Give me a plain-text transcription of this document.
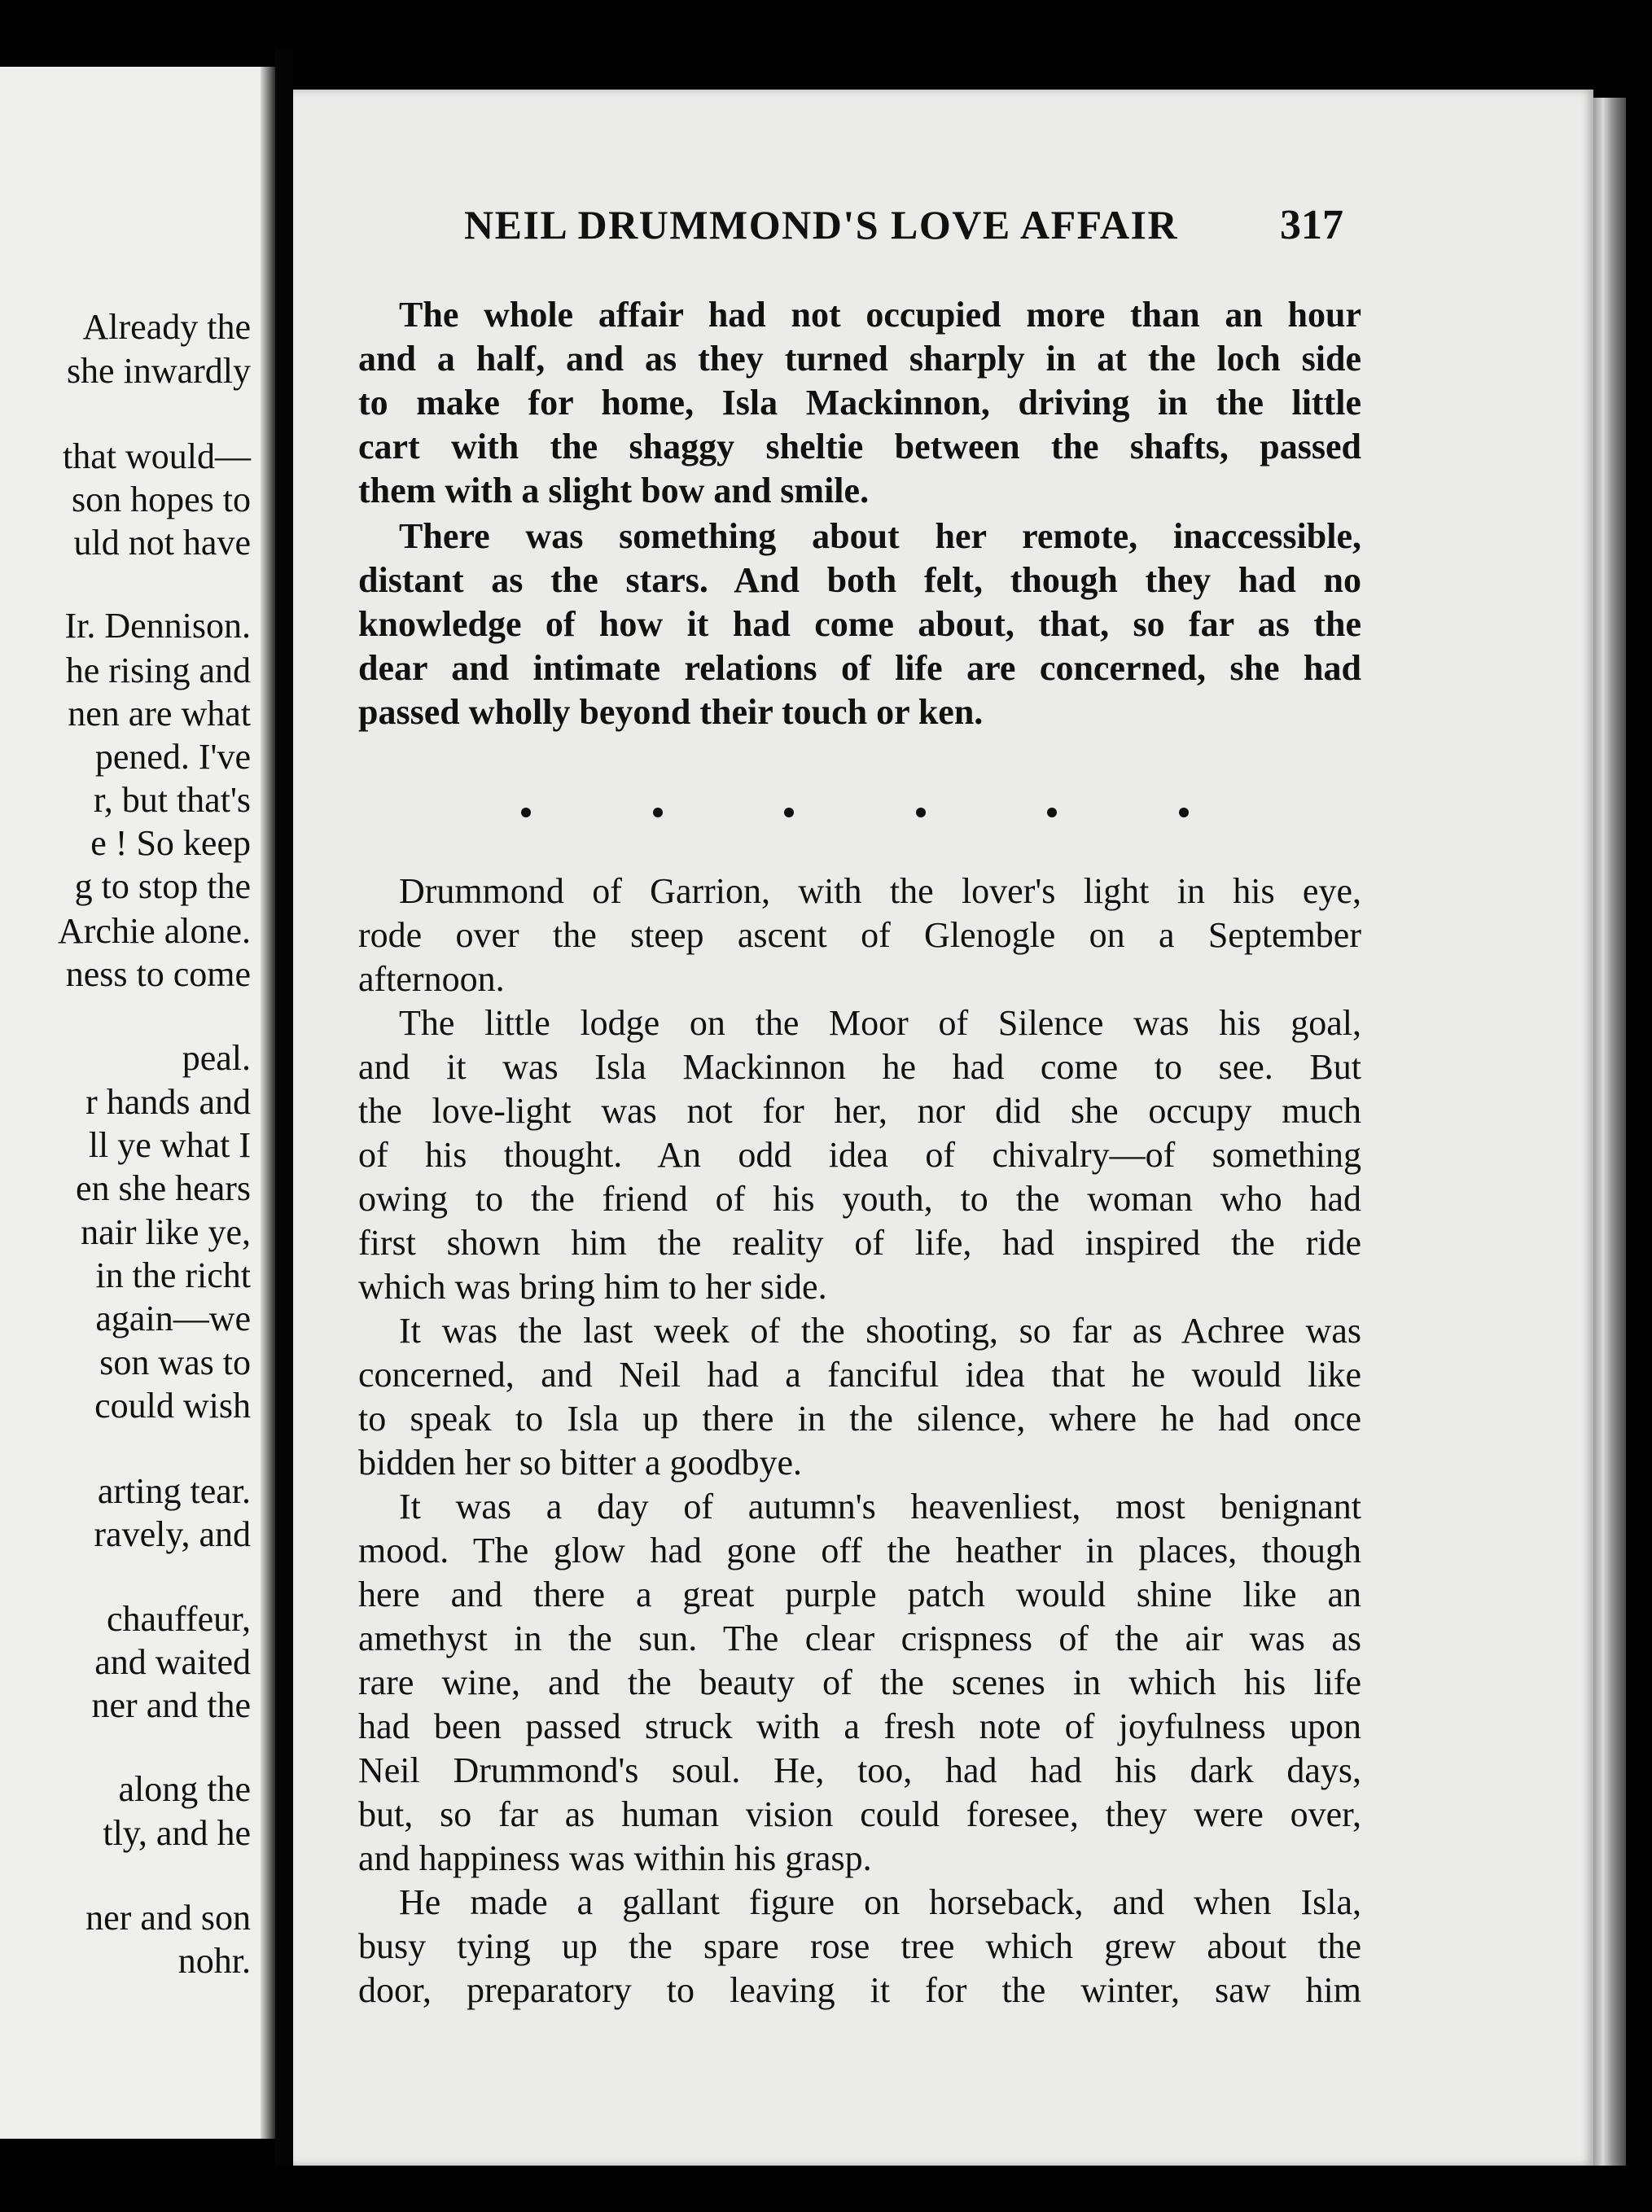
Already the
she inwardly
that would—
son hopes to
uld not have
Ir. Dennison.
he rising and
nen are what
pened. I've
r, but that's
e ! So keep
g to stop the
Archie alone.
ness to come
peal.
r hands and
ll ye what I
en she hears
nair like ye,
in the richt
again—we
son was to
could wish
arting tear.
ravely, and
chauffeur,
and waited
ner and the
along the
tly, and he
ner and son
nohr.
NEIL DRUMMOND'S LOVE AFFAIR	317
The whole affair had not occupied more than an hour
and a half, and as they turned sharply in at the loch side
to make for home, Isla Mackinnon, driving in the little
cart with the shaggy sheltie between the shafts, passed
them with a slight bow and smile.
There was something about her remote, inaccessible,
distant as the stars. And both felt, though they had no
knowledge of how it had come about, that, so far as the
dear and intimate relations of life are concerned, she had
passed wholly beyond their touch or ken.
Drummond of Garrion, with the lover's light in his eye,
rode over the steep ascent of Glenogle on a September
afternoon.
The little lodge on the Moor of Silence was his goal,
and it was Isla Mackinnon he had come to see. But
the love-light was not for her, nor did she occupy much
of his thought. An odd idea of chivalry—of something
owing to the friend of his youth, to the woman who had
first shown him the reality of life, had inspired the ride
which was bring him to her side.
It was the last week of the shooting, so far as Achree was
concerned, and Neil had a fanciful idea that he would like
to speak to Isla up there in the silence, where he had once
bidden her so bitter a goodbye.
It was a day of autumn's heavenliest, most benignant
mood. The glow had gone off the heather in places, though
here and there a great purple patch would shine like an
amethyst in the sun. The clear crispness of the air was as
rare wine, and the beauty of the scenes in which his life
had been passed struck with a fresh note of joyfulness upon
Neil Drummond's soul. He, too, had had his dark days,
but, so far as human vision could foresee, they were over,
and happiness was within his grasp.
He made a gallant figure on horseback, and when Isla,
busy tying up the spare rose tree which grew about the
door, preparatory to leaving it for the winter, saw him
